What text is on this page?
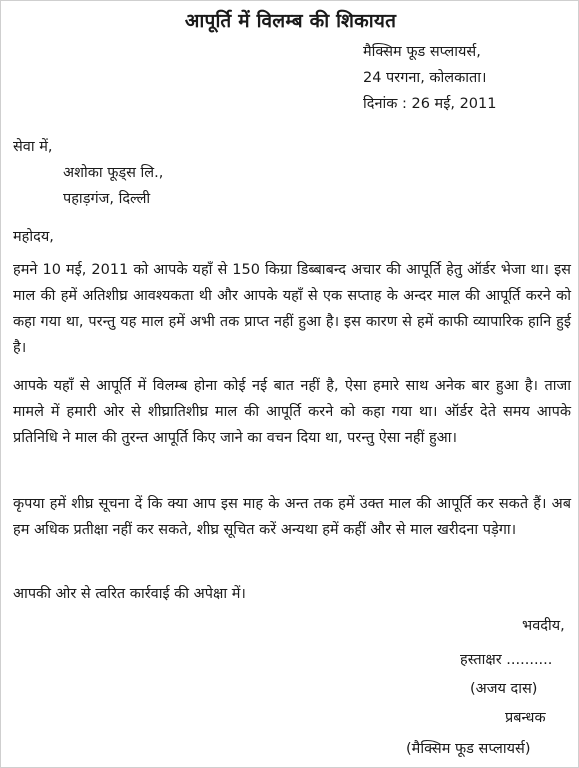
आपूर्ति में विलम्ब की शिकायत
मैक्सिम फूड सप्लायर्स,
24 परगना, कोलकाता।
दिनांक : 26 मई, 2011
सेवा में,
अशोका फूड्स लि.,
पहाड़गंज, दिल्ली
महोदय,
हमने 10 मई, 2011 को आपके यहाँ से 150 किग्रा डिब्बाबन्द अचार की आपूर्ति हेतु ऑर्डर भेजा था। इस माल की हमें अतिशीघ्र आवश्यकता थी और आपके यहाँ से एक सप्ताह के अन्दर माल की आपूर्ति करने को कहा गया था, परन्तु यह माल हमें अभी तक प्राप्त नहीं हुआ है। इस कारण से हमें काफी व्यापारिक हानि हुई है।
आपके यहाँ से आपूर्ति में विलम्ब होना कोई नई बात नहीं है, ऐसा हमारे साथ अनेक बार हुआ है। ताजा मामले में हमारी ओर से शीघ्रातिशीघ्र माल की आपूर्ति करने को कहा गया था। ऑर्डर देते समय आपके प्रतिनिधि ने माल की तुरन्त आपूर्ति किए जाने का वचन दिया था, परन्तु ऐसा नहीं हुआ।
कृपया हमें शीघ्र सूचना दें कि क्या आप इस माह के अन्त तक हमें उक्त माल की आपूर्ति कर सकते हैं। अब हम अधिक प्रतीक्षा नहीं कर सकते, शीघ्र सूचित करें अन्यथा हमें कहीं और से माल खरीदना पड़ेगा।
आपकी ओर से त्वरित कार्रवाई की अपेक्षा में।
भवदीय,
हस्ताक्षर ..........
(अजय दास)
प्रबन्धक
(मैक्सिम फूड सप्लायर्स)
